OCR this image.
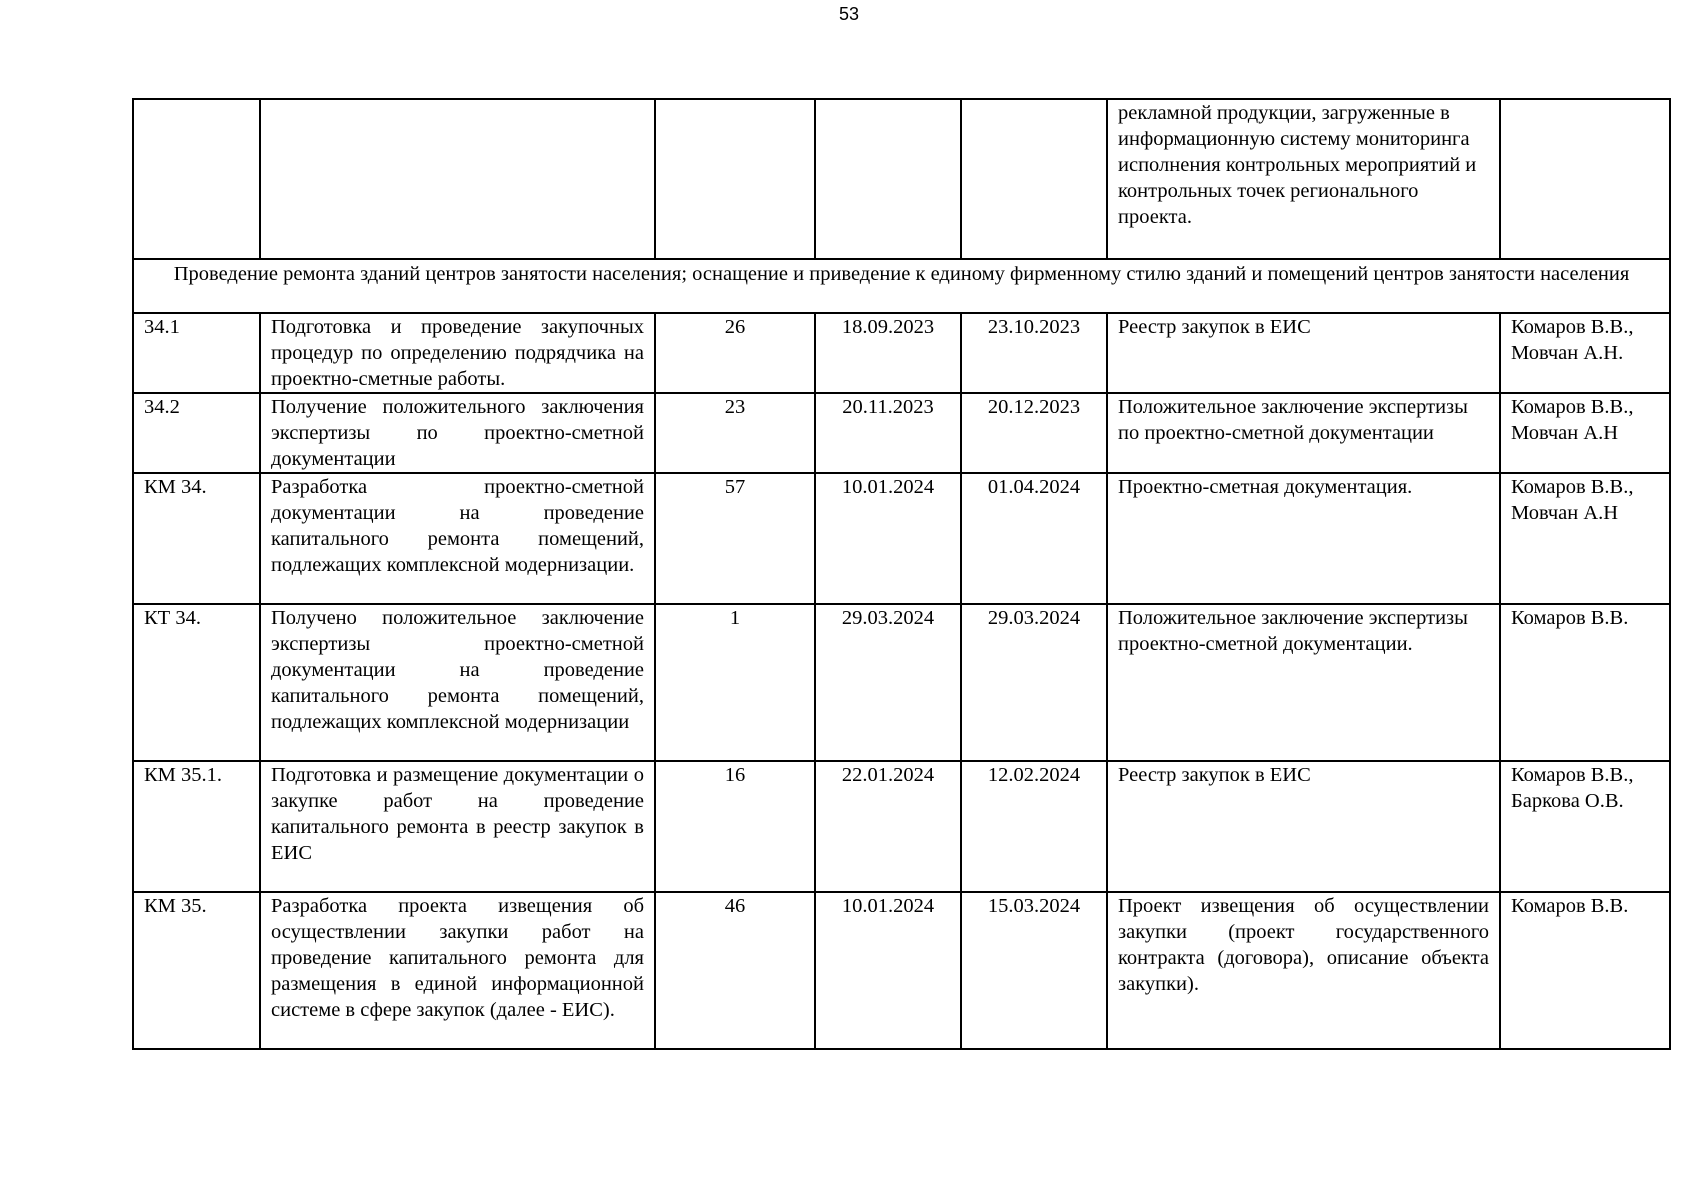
53
					рекламной продукции, загруженные в информационную систему мониторинга исполнения контрольных мероприятий и контрольных точек регионального проекта.	
Проведение ремонта зданий центров занятости населения; оснащение и приведение к единому фирменному стилю зданий и помещений центров занятости населения						
34.1	Подготовка и проведение закупочных процедур по определению подрядчика на проектно-сметные работы.	26	18.09.2023	23.10.2023	Реестр закупок в ЕИС	Комаров В.В., Мовчан А.Н.
34.2	Получение положительного заключения экспертизы по проектно-сметной документации	23	20.11.2023	20.12.2023	Положительное заключение экспертизы по проектно-сметной документации	Комаров В.В., Мовчан А.Н
КМ 34.	Разработка проектно-сметной документации на проведение капитального ремонта помещений, подлежащих комплексной модернизации.	57	10.01.2024	01.04.2024	Проектно-сметная документация.	Комаров В.В., Мовчан А.Н
КТ 34.	Получено положительное заключение экспертизы проектно-сметной документации на проведение капитального ремонта помещений, подлежащих комплексной модернизации	1	29.03.2024	29.03.2024	Положительное заключение экспертизы проектно-сметной документации.	Комаров В.В.
КМ 35.1.	Подготовка и размещение документации о закупке работ на проведение капитального ремонта в реестр закупок в ЕИС	16	22.01.2024	12.02.2024	Реестр закупок в ЕИС	Комаров В.В., Баркова О.В.
КМ 35.	Разработка проекта извещения об осуществлении закупки работ на проведение капитального ремонта для размещения в единой информационной системе в сфере закупок (далее - ЕИС).	46	10.01.2024	15.03.2024	Проект извещения об осуществлении закупки (проект государственного контракта (договора), описание объекта закупки).	Комаров В.В.
